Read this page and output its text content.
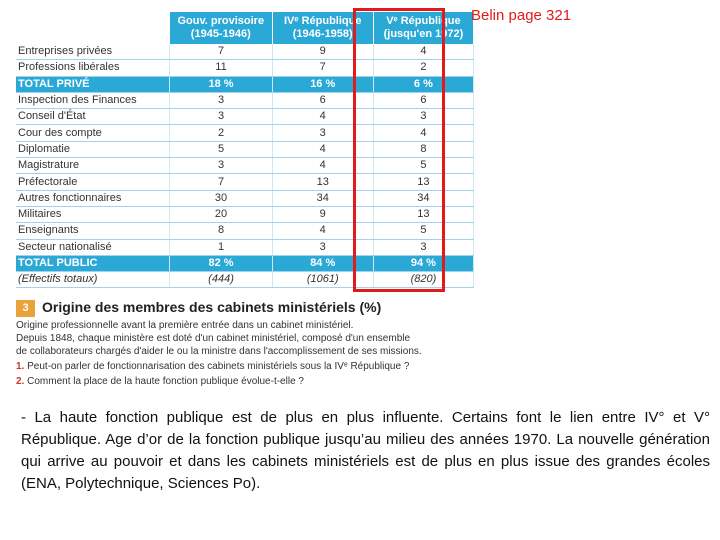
	Gouv. provisoire (1945-1946)	IVᵉ République (1946-1958)	Vᵉ République (jusqu'en 1972)
Entreprises privées	7	9	4
Professions libérales	11	7	2
TOTAL PRIVÉ	18 %	16 %	6 %
Inspection des Finances	3	6	6
Conseil d'État	3	4	3
Cour des compte	2	3	4
Diplomatie	5	4	8
Magistrature	3	4	5
Préfectorale	7	13	13
Autres fonctionnaires	30	34	34
Militaires	20	9	13
Enseignants	8	4	5
Secteur nationalisé	1	3	3
TOTAL PUBLIC	82 %	84 %	94 %
(Effectifs totaux)	(444)	(1061)	(820)
3 Origine des membres des cabinets ministériels (%)
Origine professionnelle avant la première entrée dans un cabinet ministériel.
Depuis 1848, chaque ministère est doté d'un cabinet ministériel, composé d'un ensemble
de collaborateurs chargés d'aider le ou la ministre dans l'accomplissement de ses missions.
1. Peut-on parler de fonctionnarisation des cabinets ministériels sous la IVᵉ République ?
2. Comment la place de la haute fonction publique évolue-t-elle ?
Belin page 321
- La haute fonction publique est de plus en plus influente. Certains font le lien entre IV° et V° République. Age d’or de la fonction publique jusqu’au milieu des années 1970. La nouvelle génération qui arrive au pouvoir et dans les cabinets ministériels est de plus en plus issue des grandes écoles (ENA, Polytechnique, Sciences Po).
